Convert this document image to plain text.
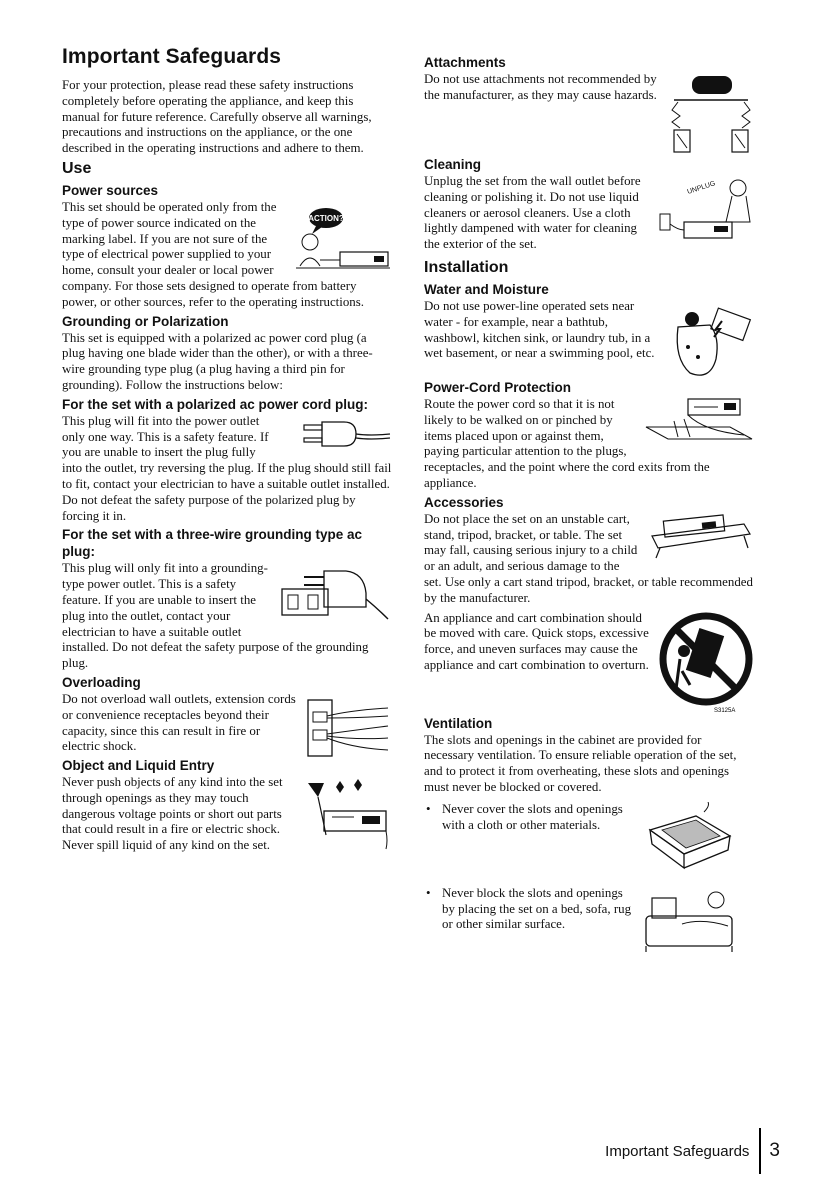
Important Safeguards

For your protection, please read these safety instructions completely before operating the appliance, and keep this manual for future reference. Carefully observe all warnings, precautions and instructions on the appliance, or the one described in the operating instructions and adhere to them.

Use
Power sources
ACTION?

This set should be operated only from the type of power source indicated on the marking label. If you are not sure of the type of electrical power supplied to your home, consult your dealer or local power company. For those sets designed to operate from battery power, or other sources, refer to the operating instructions.

Grounding or Polarization

This set is equipped with a polarized ac power cord plug (a plug having one blade wider than the other), or with a three-wire grounding type plug (a plug having a third pin for grounding). Follow the instructions below:

For the set with a polarized ac power cord plug:

This plug will fit into the power outlet only one way. This is a safety feature. If you are unable to insert the plug fully into the outlet, try reversing the plug. If the plug should still fail to fit, contact your electrician to have a suitable outlet installed. Do not defeat the safety purpose of the polarized plug by forcing it in.

For the set with a three-wire grounding type ac plug:

This plug will only fit into a grounding-type power outlet. This is a safety feature. If you are unable to insert the plug into the outlet, contact your electrician to have a suitable outlet installed. Do not defeat the safety purpose of the grounding plug.

Overloading

Do not overload wall outlets, extension cords or convenience receptacles beyond their capacity, since this can result in fire or electric shock.

Object and Liquid Entry

Never push objects of any kind into the set through openings as they may touch dangerous voltage points or short out parts that could result in a fire or electric shock. Never spill liquid of any kind on the set.

Attachments

Do not use attachments not recommended by the manufacturer, as they may cause hazards.

Cleaning
UNPLUG

Unplug the set from the wall outlet before cleaning or polishing it. Do not use liquid cleaners or aerosol cleaners. Use a cloth lightly dampened with water for cleaning the exterior of the set.

Installation
Water and Moisture

Do not use power-line operated sets near water - for example, near a bathtub, washbowl, kitchen sink, or laundry tub, in a wet basement, or near a swimming pool, etc.

Power-Cord Protection

Route the power cord so that it is not likely to be walked on or pinched by items placed upon or against them, paying particular attention to the plugs, receptacles, and the point where the cord exits from the appliance.

Accessories

Do not place the set on an unstable cart, stand, tripod, bracket, or table. The set may fall, causing serious injury to a child or an adult, and serious damage to the set. Use only a cart stand tripod, bracket, or table recommended by the manufacturer.

S3125A

An appliance and cart combination should be moved with care. Quick stops, excessive force, and uneven surfaces may cause the appliance and cart combination to overturn.

Ventilation

The slots and openings in the cabinet are provided for necessary ventilation. To ensure reliable operation of the set, and to protect it from overheating, these slots and openings must never be blocked or covered.

• Never cover the slots and openings with a cloth or other materials.
• Never block the slots and openings by placing the set on a bed, sofa, rug or other similar surface.
Important Safeguards	3
